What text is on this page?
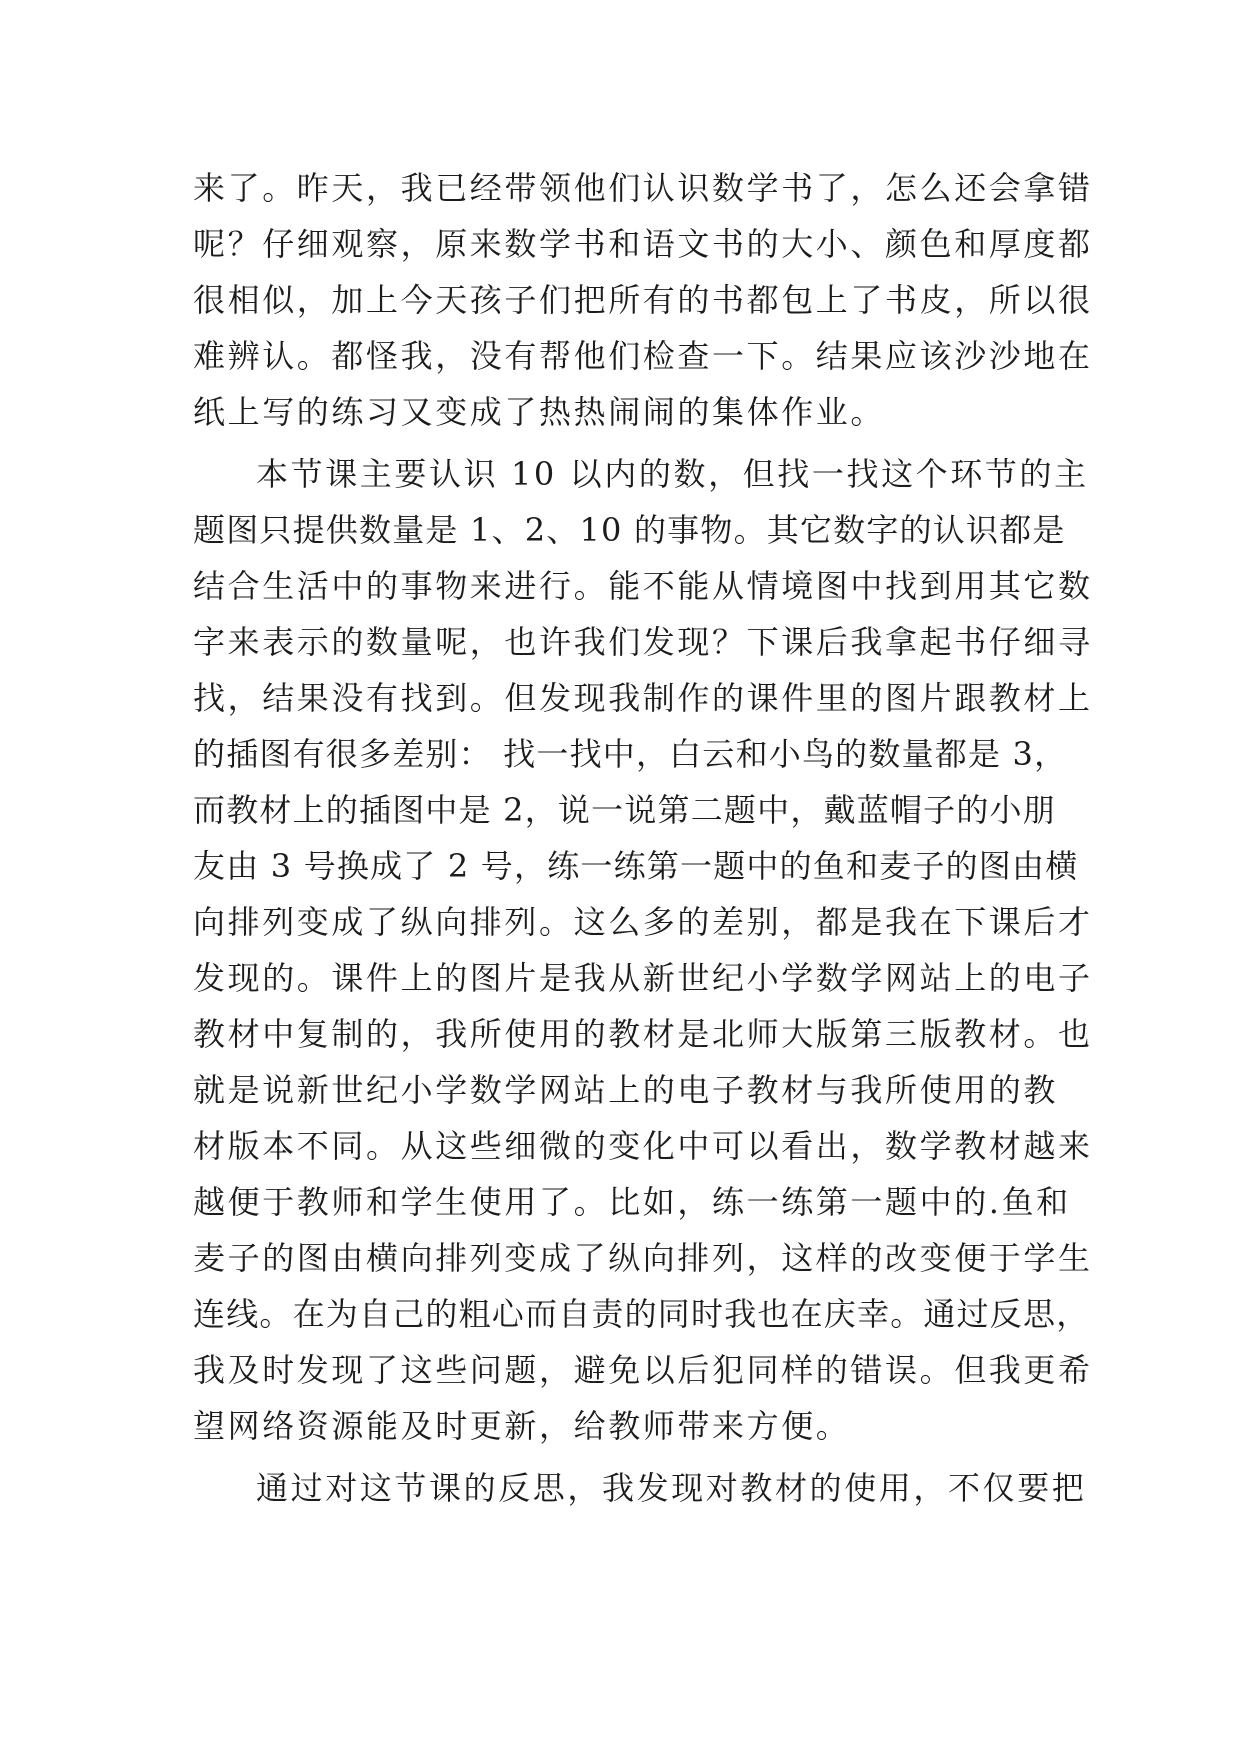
来了。昨天，我已经带领他们认识数学书了，怎么还会拿错
呢？仔细观察，原来数学书和语文书的大小、颜色和厚度都
很相似，加上今天孩子们把所有的书都包上了书皮，所以很
难辨认。都怪我，没有帮他们检查一下。结果应该沙沙地在
纸上写的练习又变成了热热闹闹的集体作业。
本节课主要认识 10 以内的数，但找一找这个环节的主
题图只提供数量是 1、2、10 的事物。其它数字的认识都是
结合生活中的事物来进行。能不能从情境图中找到用其它数
字来表示的数量呢，也许我们发现？下课后我拿起书仔细寻
找，结果没有找到。但发现我制作的课件里的图片跟教材上
的插图有很多差别： 找一找中，白云和小鸟的数量都是 3，
而教材上的插图中是 2，说一说第二题中，戴蓝帽子的小朋
友由 3 号换成了 2 号，练一练第一题中的鱼和麦子的图由横
向排列变成了纵向排列。这么多的差别，都是我在下课后才
发现的。课件上的图片是我从新世纪小学数学网站上的电子
教材中复制的，我所使用的教材是北师大版第三版教材。也
就是说新世纪小学数学网站上的电子教材与我所使用的教
材版本不同。从这些细微的变化中可以看出，数学教材越来
越便于教师和学生使用了。比如，练一练第一题中的.鱼和
麦子的图由横向排列变成了纵向排列，这样的改变便于学生
连线。在为自己的粗心而自责的同时我也在庆幸。通过反思，
我及时发现了这些问题，避免以后犯同样的错误。但我更希
望网络资源能及时更新，给教师带来方便。
通过对这节课的反思，我发现对教材的使用，不仅要把
